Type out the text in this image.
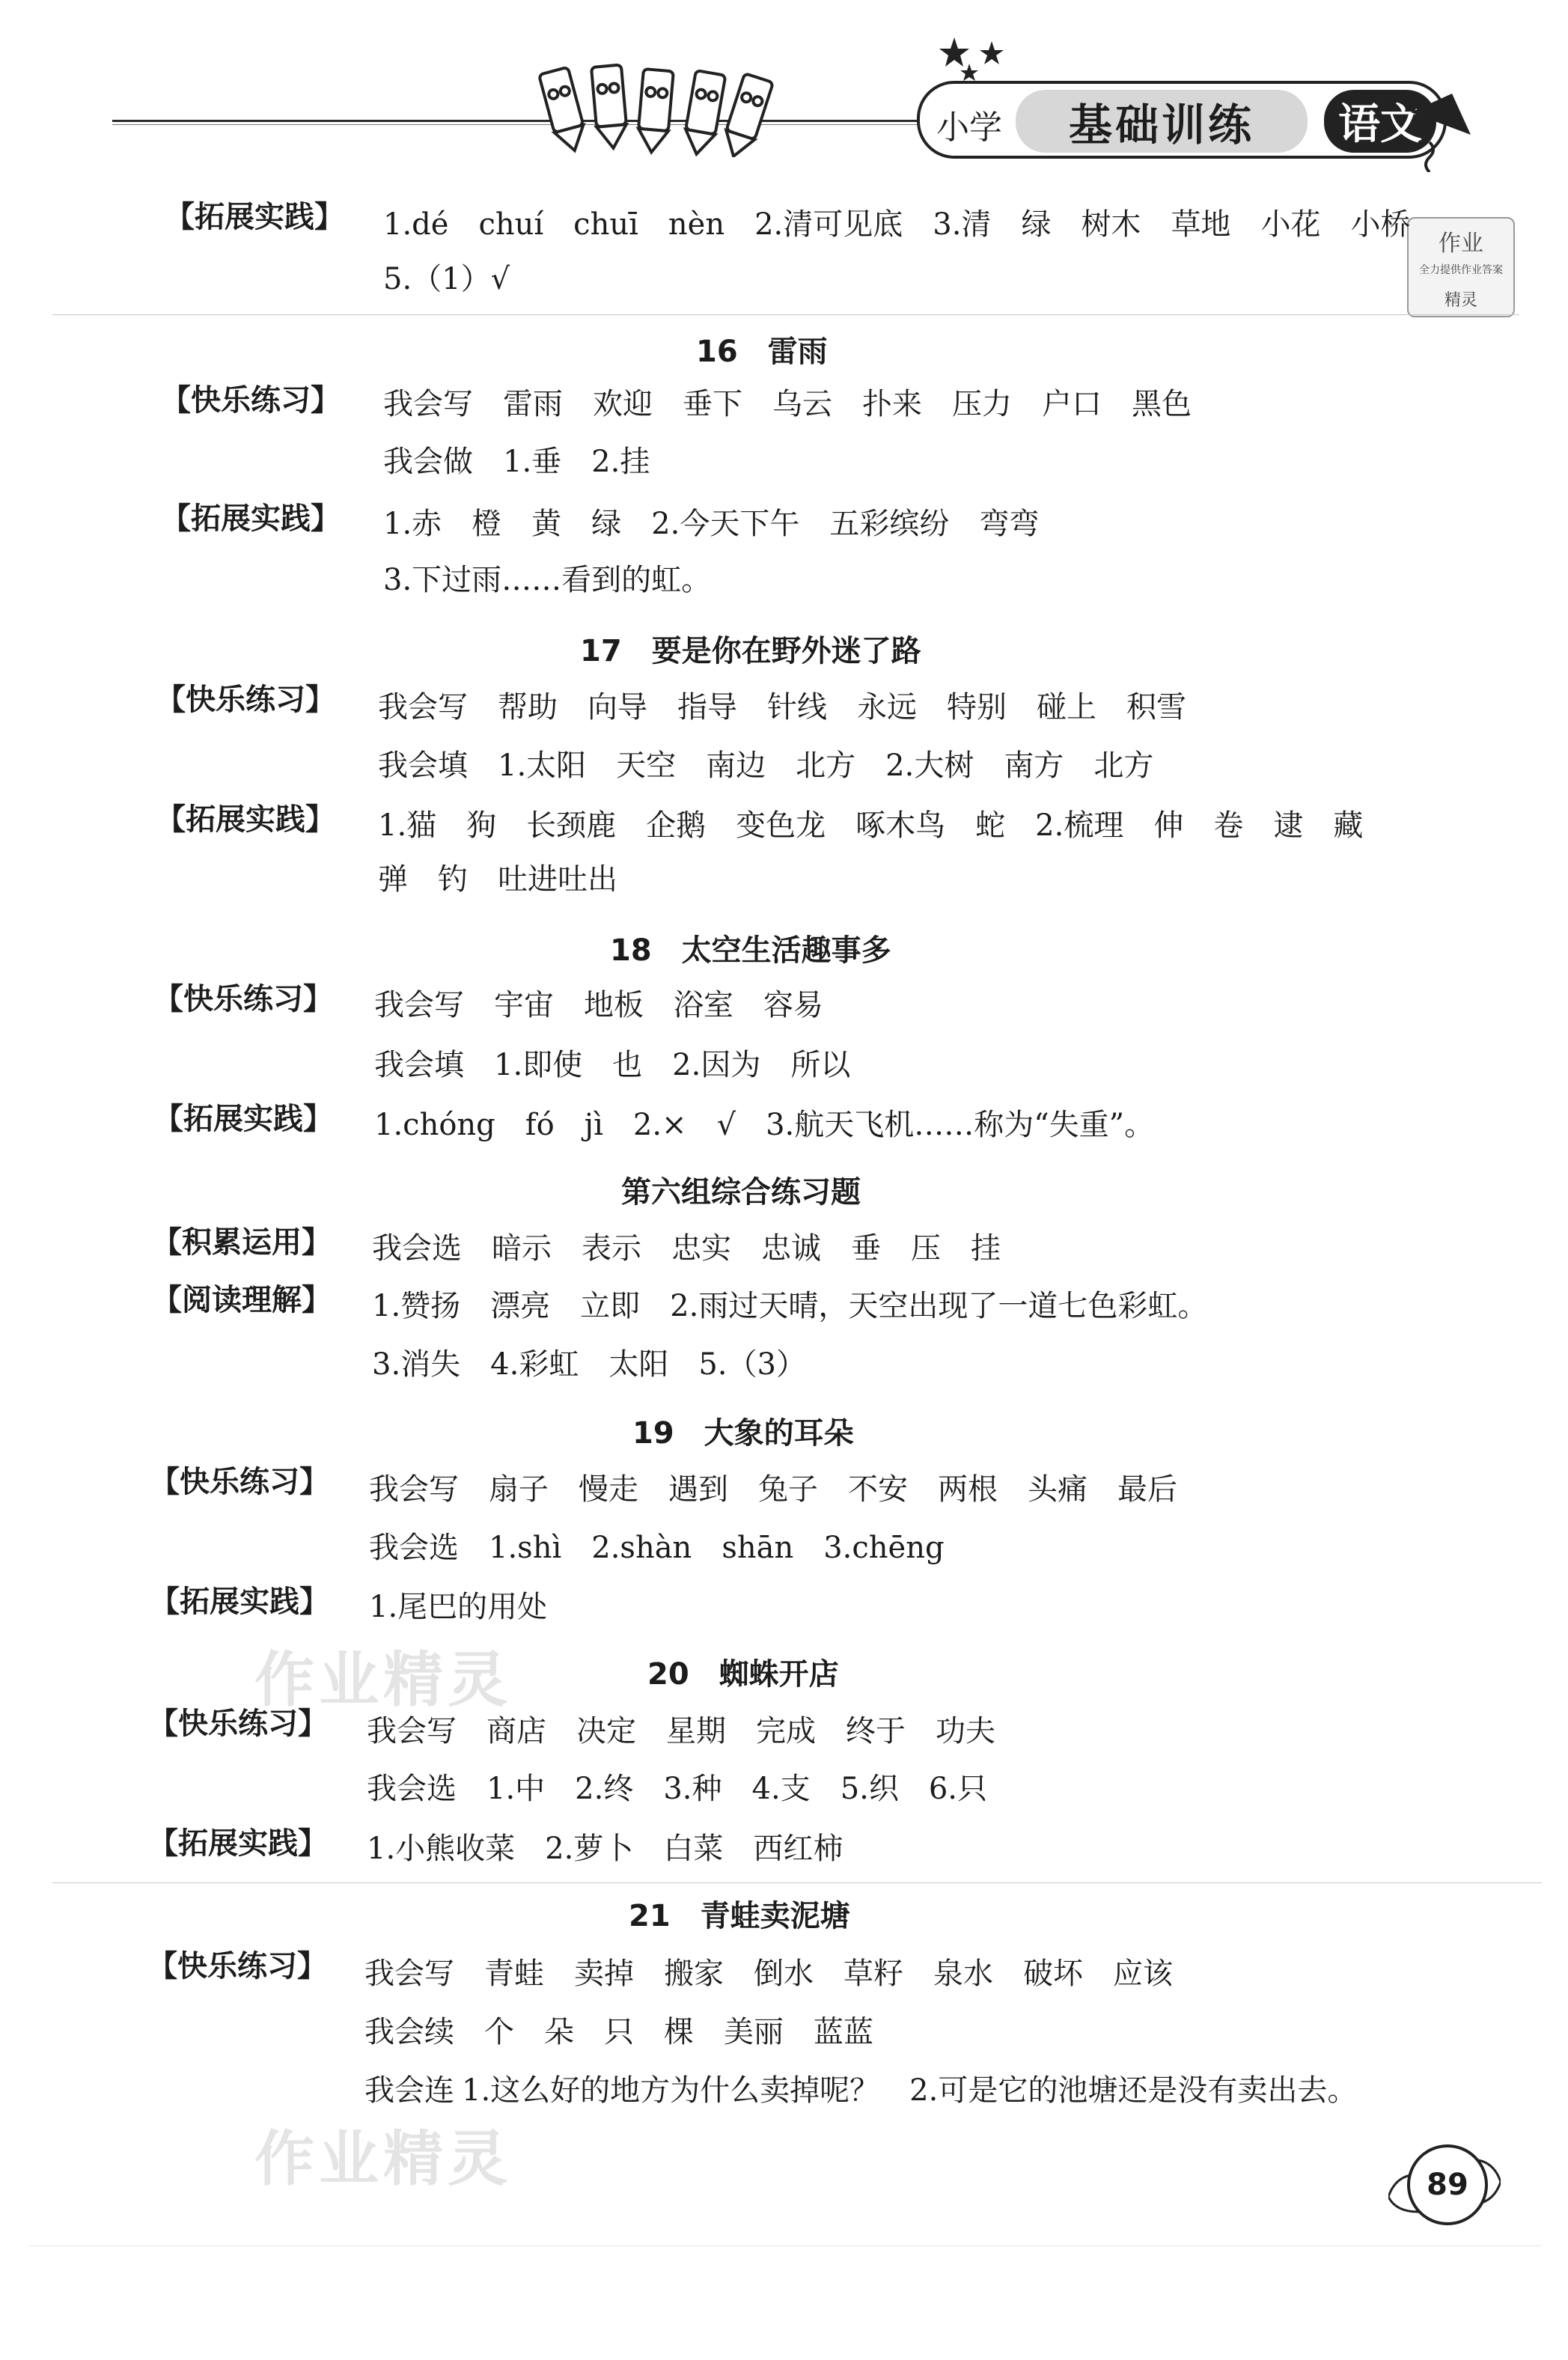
小学	基础训练	语文
作业
全力提供作业答案
精灵
作业精灵
作业精灵
【拓展实践】 1.dé chuí chuī nèn 2.清可见底 3.清 绿 树木 草地 小花 小桥
5.（1）√
16　雷雨
【快乐练习】 我会写 雷雨 欢迎 垂下 乌云 扑来 压力 户口 黑色
我会做 1.垂 2.挂
【拓展实践】 1.赤 橙 黄 绿 2.今天下午 五彩缤纷 弯弯
3.下过雨……看到的虹。
17　要是你在野外迷了路
【快乐练习】 我会写 帮助 向导 指导 针线 永远 特别 碰上 积雪
我会填 1.太阳 天空 南边 北方 2.大树 南方 北方
【拓展实践】 1.猫 狗 长颈鹿 企鹅 变色龙 啄木鸟 蛇 2.梳理 伸 卷 逮 藏
弹 钓 吐进吐出
18　太空生活趣事多
【快乐练习】 我会写 宇宙 地板 浴室 容易
我会填 1.即使 也 2.因为 所以
【拓展实践】 1.chóng fó jì 2.× √ 3.航天飞机……称为“失重”。
第六组综合练习题
【积累运用】 我会选 暗示 表示 忠实 忠诚 垂 压 挂
【阅读理解】 1.赞扬 漂亮 立即 2.雨过天晴，天空出现了一道七色彩虹。
3.消失 4.彩虹 太阳 5.（3）
19　大象的耳朵
【快乐练习】 我会写 扇子 慢走 遇到 兔子 不安 两根 头痛 最后
我会选 1.shì 2.shàn shān 3.chēng
【拓展实践】 1.尾巴的用处
20　蜘蛛开店
【快乐练习】 我会写 商店 决定 星期 完成 终于 功夫
我会选 1.中 2.终 3.种 4.支 5.织 6.只
【拓展实践】 1.小熊收菜 2.萝卜 白菜 西红柿
21　青蛙卖泥塘
【快乐练习】 我会写 青蛙 卖掉 搬家 倒水 草籽 泉水 破坏 应该
我会续 个 朵 只 棵 美丽 蓝蓝
我会连 1.这么好的地方为什么卖掉呢？ 2.可是它的池塘还是没有卖出去。
89
